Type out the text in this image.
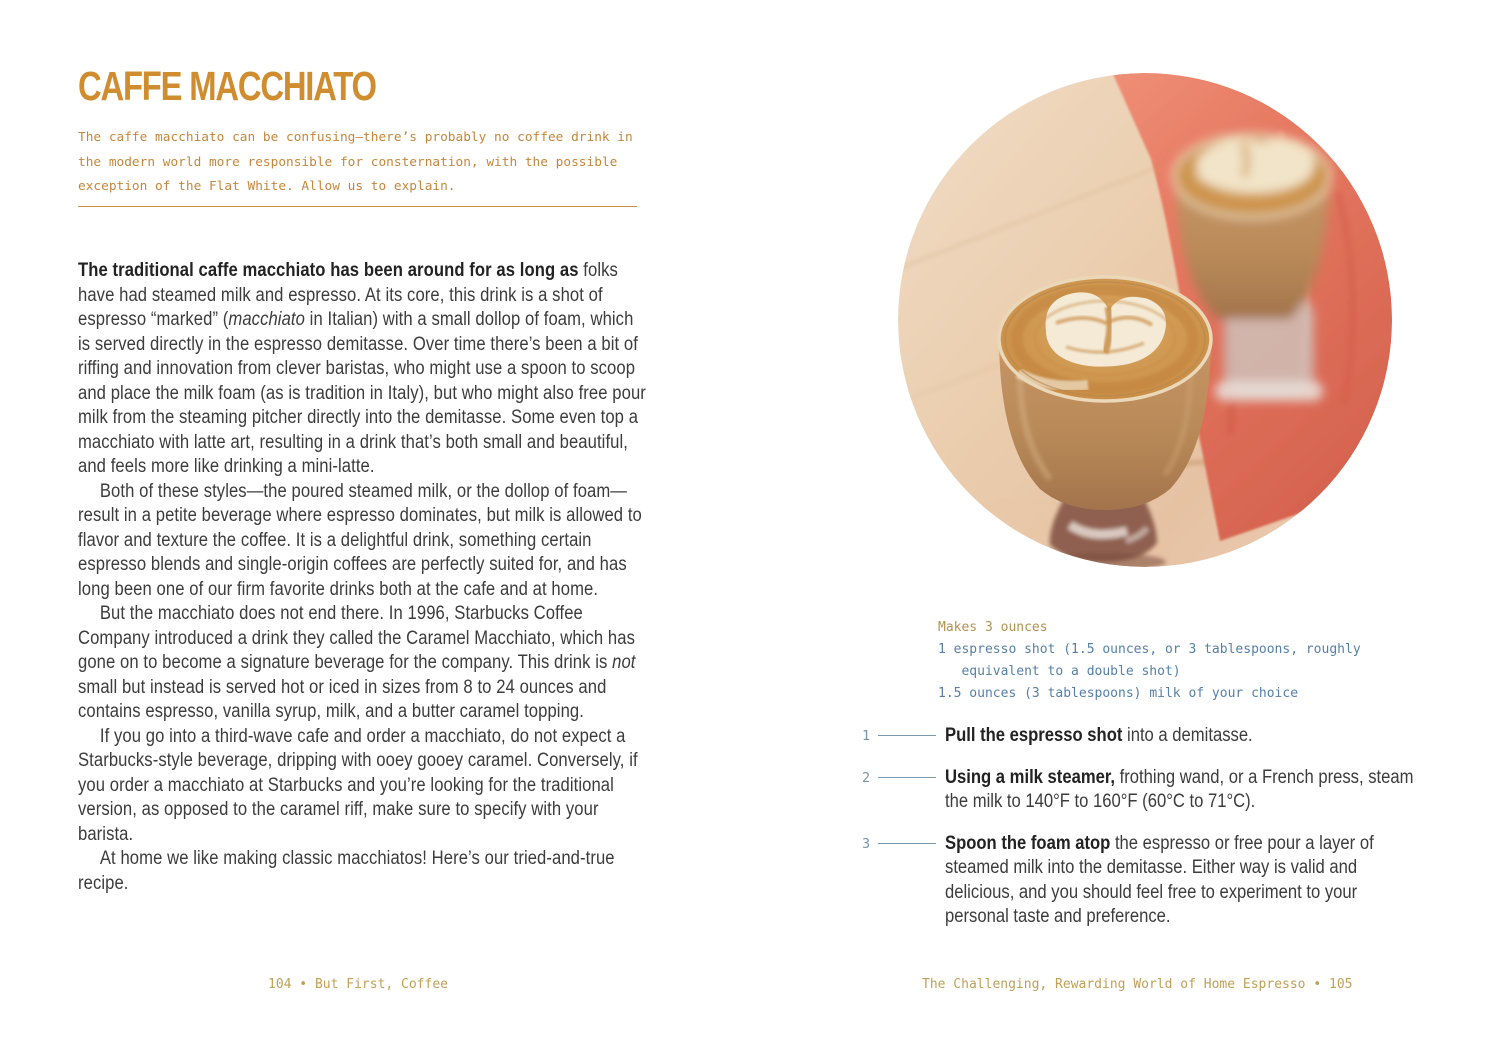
CAFFE MACCHIATO
The caffe macchiato can be confusing—there’s probably no coffee drink in the modern world more responsible for consternation, with the possible exception of the Flat White. Allow us to explain.

The traditional caffe macchiato has been around for as long as folks have had steamed milk and espresso. At its core, this drink is a shot of espresso “marked” (macchiato in Italian) with a small dollop of foam, which is served directly in the espresso demitasse. Over time there’s been a bit of riffing and innovation from clever baristas, who might use a spoon to scoop and place the milk foam (as is tradition in Italy), but who might also free pour milk from the steaming pitcher directly into the demitasse. Some even top a macchiato with latte art, resulting in a drink that’s both small and beautiful, and feels more like drinking a mini-latte.

Both of these styles—the poured steamed milk, or the dollop of foam—result in a petite beverage where espresso dominates, but milk is allowed to flavor and texture the coffee. It is a delightful drink, something certain espresso blends and single-origin coffees are perfectly suited for, and has long been one of our firm favorite drinks both at the cafe and at home.

But the macchiato does not end there. In 1996, Starbucks Coffee Company introduced a drink they called the Caramel Macchiato, which has gone on to become a signature beverage for the company. This drink is not small but instead is served hot or iced in sizes from 8 to 24 ounces and contains espresso, vanilla syrup, milk, and a butter caramel topping.

If you go into a third-wave cafe and order a macchiato, do not expect a Starbucks-style beverage, dripping with ooey gooey caramel. Conversely, if you order a macchiato at Starbucks and you’re looking for the traditional version, as opposed to the caramel riff, make sure to specify with your barista.

At home we like making classic macchiatos! Here’s our tried-and-true recipe.

Makes 3 ounces
1 espresso shot (1.5 ounces, or 3 tablespoons, roughly equivalent to a double shot)
1.5 ounces (3 tablespoons) milk of your choice
1	Pull the espresso shot into a demitasse.
2	Using a milk steamer, frothing wand, or a French press, steam the milk to 140°F to 160°F (60°C to 71°C).
3	Spoon the foam atop the espresso or free pour a layer of steamed milk into the demitasse. Either way is valid and delicious, and you should feel free to experiment to your personal taste and preference.
104 • But First, Coffee	The Challenging, Rewarding World of Home Espresso • 105
